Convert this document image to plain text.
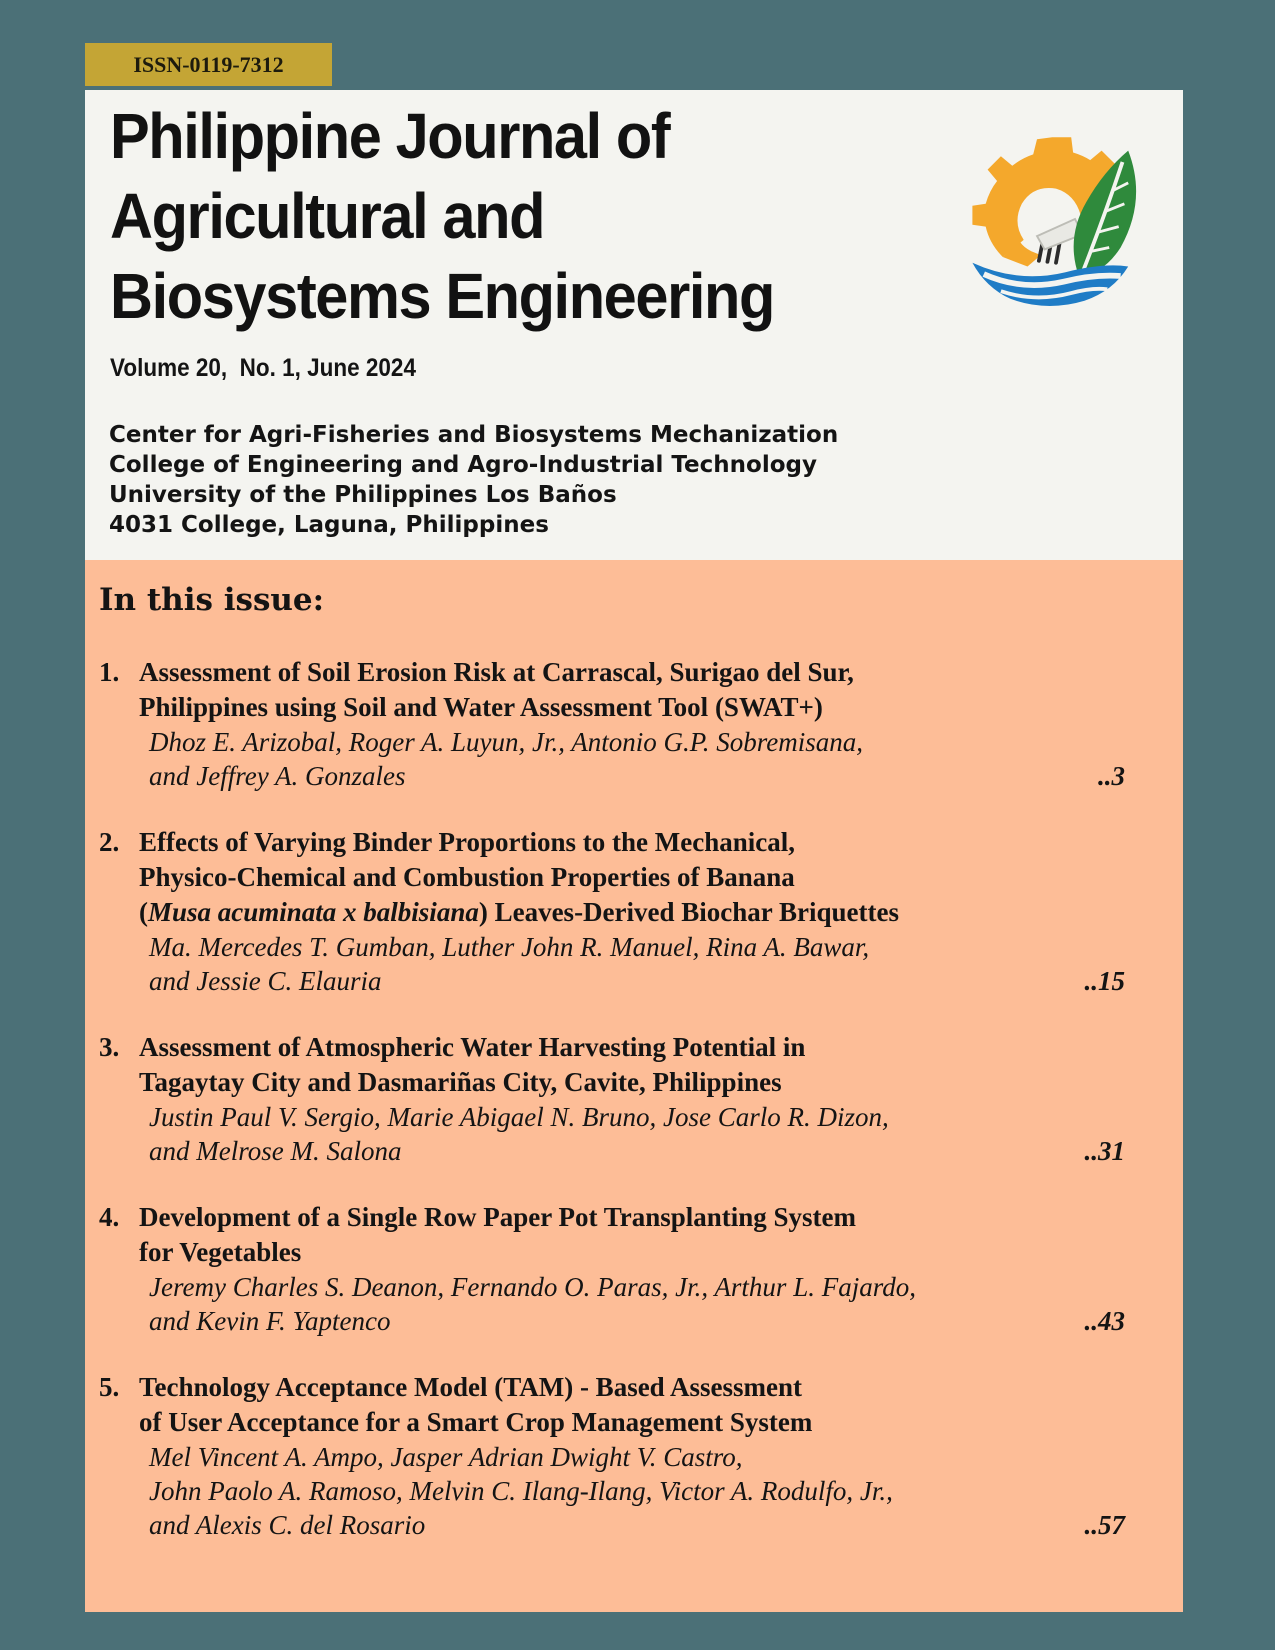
ISSN-0119-7312
Philippine Journal of
Agricultural and
Biosystems Engineering
Volume 20,  No. 1, June 2024
Center for Agri-Fisheries and Biosystems Mechanization
College of Engineering and Agro-Industrial Technology
University of the Philippines Los Baños
4031 College, Laguna, Philippines
In this issue:
1. Assessment of Soil Erosion Risk at Carrascal, Surigao del Sur,
Philippines using Soil and Water Assessment Tool (SWAT+)
Dhoz E. Arizobal, Roger A. Luyun, Jr., Antonio G.P. Sobremisana,
and Jeffrey A. Gonzales	..3
2. Effects of Varying Binder Proportions to the Mechanical,
Physico-Chemical and Combustion Properties of Banana
(Musa acuminata x balbisiana) Leaves-Derived Biochar Briquettes
Ma. Mercedes T. Gumban, Luther John R. Manuel, Rina A. Bawar,
and Jessie C. Elauria	..15
3. Assessment of Atmospheric Water Harvesting Potential in
Tagaytay City and Dasmariñas City, Cavite, Philippines
Justin Paul V. Sergio, Marie Abigael N. Bruno, Jose Carlo R. Dizon,
and Melrose M. Salona	..31
4. Development of a Single Row Paper Pot Transplanting System
for Vegetables
Jeremy Charles S. Deanon, Fernando O. Paras, Jr., Arthur L. Fajardo,
and Kevin F. Yaptenco	..43
5. Technology Acceptance Model (TAM) - Based Assessment
of User Acceptance for a Smart Crop Management System
Mel Vincent A. Ampo, Jasper Adrian Dwight V. Castro,
John Paolo A. Ramoso, Melvin C. Ilang-Ilang, Victor A. Rodulfo, Jr.,
and Alexis C. del Rosario	..57
